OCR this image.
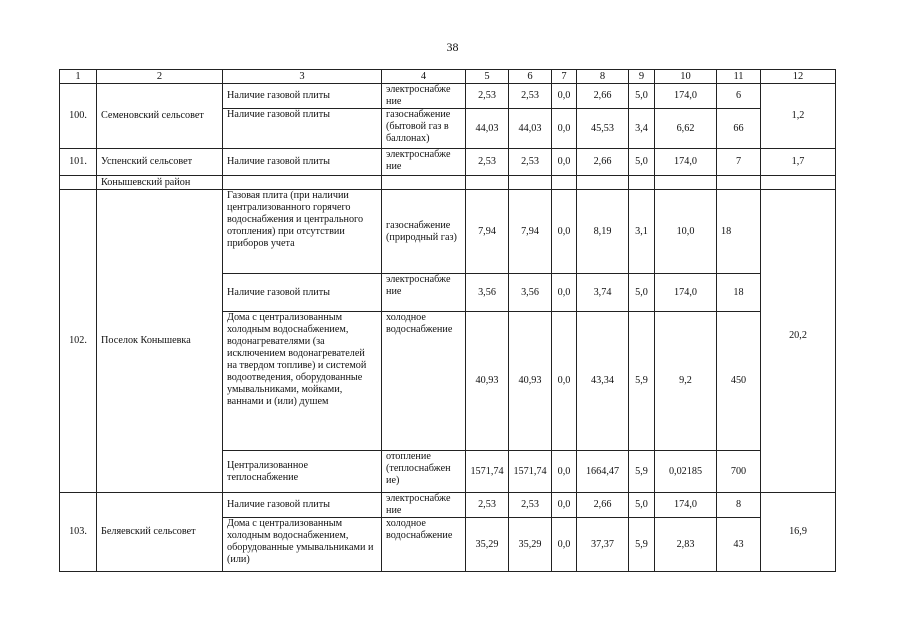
38
1	2	3	4	5	6	7	8	9	10	11	12
100.	Семеновский сельсовет	Наличие газовой плиты	электроснабже ние	2,53	2,53	0,0	2,66	5,0	174,0	6	1,2
		Наличие газовой плиты	газоснабжение (бытовой газ в баллонах)	44,03	44,03	0,0	45,53	3,4	6,62	66	
101.	Успенский сельсовет	Наличие газовой плиты	электроснабже ние	2,53	2,53	0,0	2,66	5,0	174,0	7	1,7
	Конышевский район										
102.	Поселок Конышевка	Газовая плита (при наличии централизованного горячего водоснабжения и центрального отопления) при отсутствии приборов учета	газоснабжение (природный газ)	7,94	7,94	0,0	8,19	3,1	10,0	18	20,2
		Наличие газовой плиты	электроснабже ние	3,56	3,56	0,0	3,74	5,0	174,0	18	
		Дома с централизованным холодным водоснабжением, водонагревателями (за исключением водонагревателей на твердом топливе) и системой водоотведения, оборудованные умывальниками, мойками, ваннами и (или) душем	холодное водоснабжение	40,93	40,93	0,0	43,34	5,9	9,2	450	
		Централизованное теплоснабжение	отопление (теплоснабжен ие)	1571,74	1571,74	0,0	1664,47	5,9	0,02185	700	
103.	Беляевский сельсовет	Наличие газовой плиты	электроснабже ние	2,53	2,53	0,0	2,66	5,0	174,0	8	16,9
		Дома с централизованным холодным водоснабжением, оборудованные умывальниками и (или)	холодное водоснабжение	35,29	35,29	0,0	37,37	5,9	2,83	43	
